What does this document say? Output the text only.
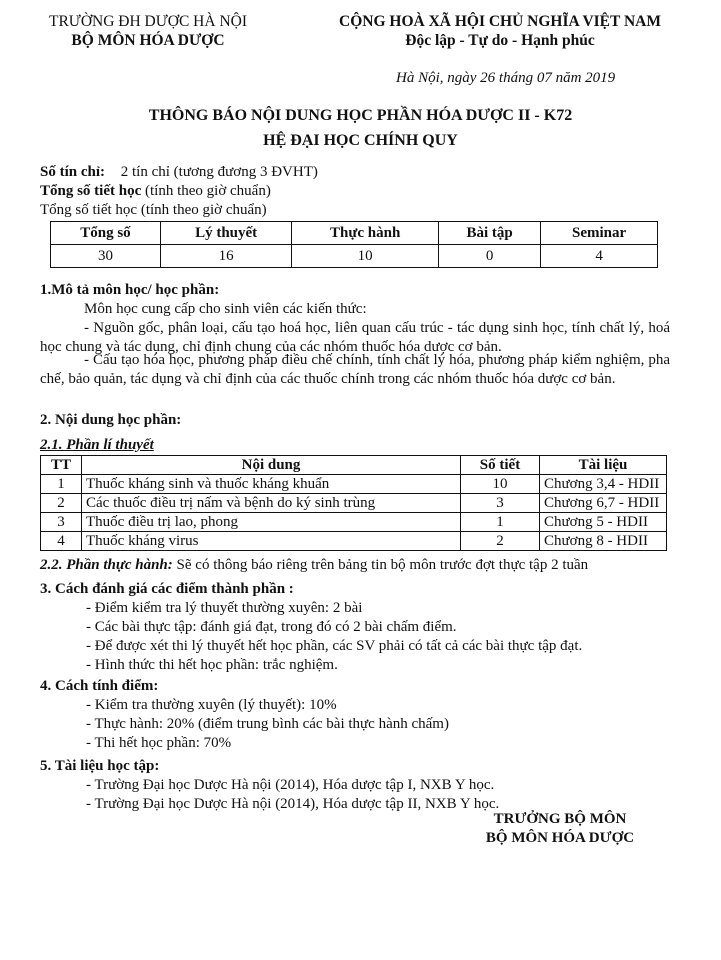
TRƯỜNG ĐH DƯỢC HÀ NỘI
BỘ MÔN HÓA DƯỢC
CỘNG HOÀ XÃ HỘI CHỦ NGHĨA VIỆT NAM
Độc lập - Tự do - Hạnh phúc
Hà Nội, ngày 26 tháng 07 năm 2019
THÔNG BÁO NỘI DUNG HỌC PHẦN HÓA DƯỢC II - K72
HỆ ĐẠI HỌC CHÍNH QUY
Số tín chỉ: 2 tín chỉ (tương đương 3 ĐVHT)
Tổng số tiết học (tính theo giờ chuẩn)
Tổng số tiết học (tính theo giờ chuẩn)
Tổng số	Lý thuyết	Thực hành	Bài tập	Seminar
30	16	10	0	4
1.Mô tả môn học/ học phần:
Môn học cung cấp cho sinh viên các kiến thức:
- Nguồn gốc, phân loại, cấu tạo hoá học, liên quan cấu trúc - tác dụng sinh học, tính chất lý, hoá học chung và tác dụng, chỉ định chung của các nhóm thuốc hóa dược cơ bản.
- Cấu tạo hóa học, phương pháp điều chế chính, tính chất lý hóa, phương pháp kiểm nghiệm, pha chế, bảo quản, tác dụng và chỉ định của các thuốc chính trong các nhóm thuốc hóa dược cơ bản.
2. Nội dung học phần:
2.1. Phần lí thuyết
TT	Nội dung	Số tiết	Tài liệu
1	Thuốc kháng sinh và thuốc kháng khuẩn	10	Chương 3,4 - HDII
2	Các thuốc điều trị nấm và bệnh do ký sinh trùng	3	Chương 6,7 - HDII
3	Thuốc điều trị lao, phong	1	Chương 5 - HDII
4	Thuốc kháng virus	2	Chương 8 - HDII
2.2. Phần thực hành: Sẽ có thông báo riêng trên bảng tin bộ môn trước đợt thực tập 2 tuần
3. Cách đánh giá các điểm thành phần :
- Điểm kiểm tra lý thuyết thường xuyên: 2 bài
- Các bài thực tập: đánh giá đạt, trong đó có 2 bài chấm điểm.
- Để được xét thi lý thuyết hết học phần, các SV phải có tất cả các bài thực tập đạt.
- Hình thức thi hết học phần: trắc nghiệm.
4. Cách tính điểm:
- Kiểm tra thường xuyên (lý thuyết): 10%
- Thực hành: 20% (điểm trung bình các bài thực hành chấm)
- Thi hết học phần: 70%
5. Tài liệu học tập:
- Trường Đại học Dược Hà nội (2014), Hóa dược tập I, NXB Y học.
- Trường Đại học Dược Hà nội (2014), Hóa dược tập II, NXB Y học.
TRƯỞNG BỘ MÔN
BỘ MÔN HÓA DƯỢC
